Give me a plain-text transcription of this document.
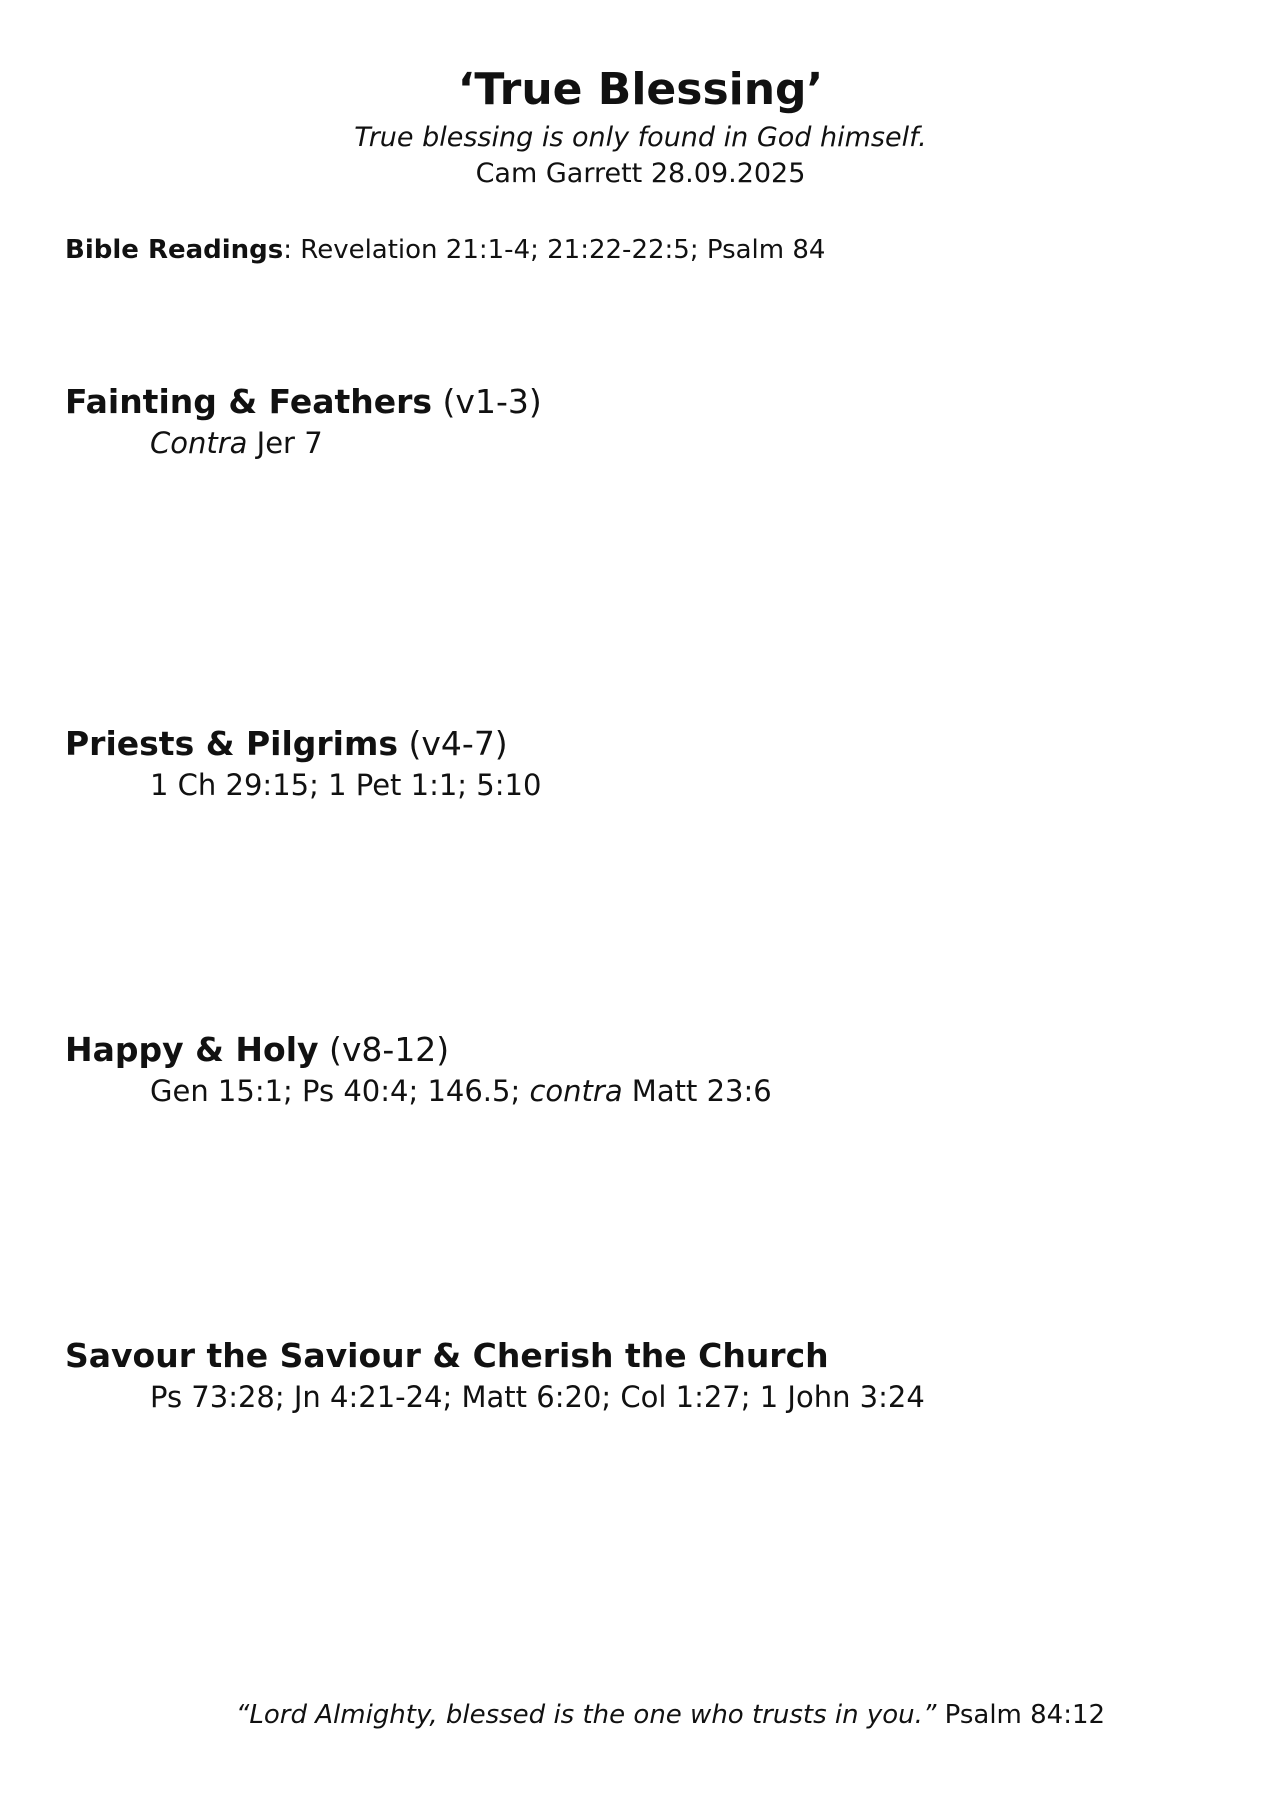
‘True Blessing’
True blessing is only found in God himself.
Cam Garrett 28.09.2025
Bible Readings: Revelation 21:1-4; 21:22-22:5; Psalm 84
Fainting & Feathers (v1-3)
Contra Jer 7
Priests & Pilgrims (v4-7)
1 Ch 29:15; 1 Pet 1:1; 5:10
Happy & Holy (v8-12)
Gen 15:1; Ps 40:4; 146.5; contra Matt 23:6
Savour the Saviour & Cherish the Church
Ps 73:28; Jn 4:21-24; Matt 6:20; Col 1:27; 1 John 3:24
“Lord Almighty, blessed is the one who trusts in you.” Psalm 84:12
